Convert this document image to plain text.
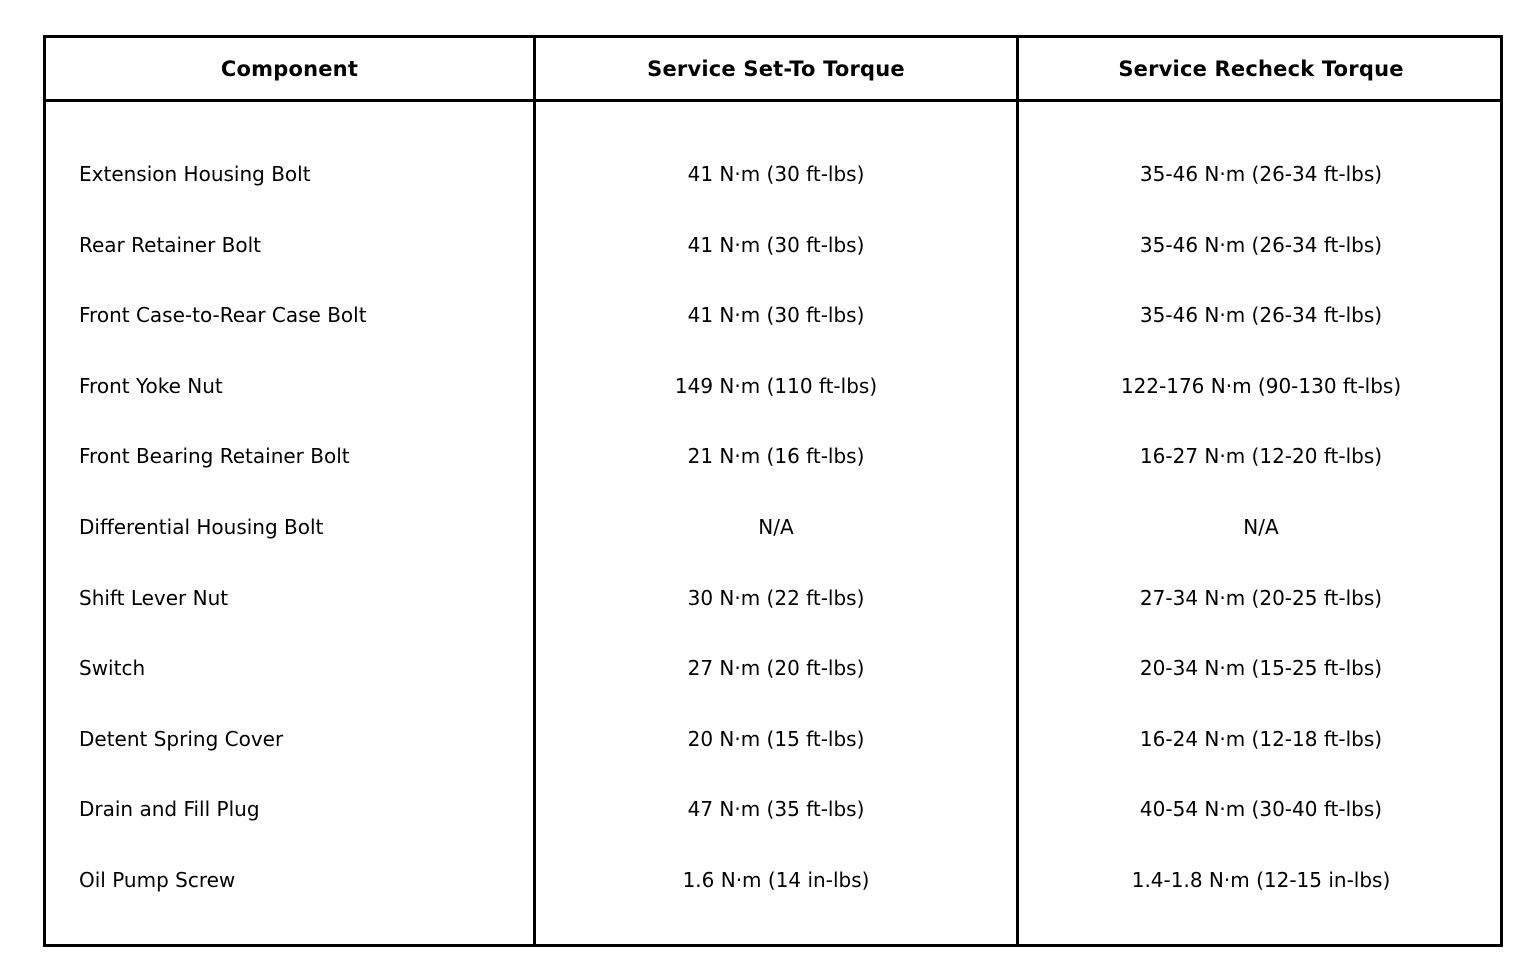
Component	Service Set-To Torque	Service Recheck Torque
Extension Housing Bolt	41 N·m (30 ft-lbs)	35-46 N·m (26-34 ft-lbs)
Rear Retainer Bolt	41 N·m (30 ft-lbs)	35-46 N·m (26-34 ft-lbs)
Front Case-to-Rear Case Bolt	41 N·m (30 ft-lbs)	35-46 N·m (26-34 ft-lbs)
Front Yoke Nut	149 N·m (110 ft-lbs)	122-176 N·m (90-130 ft-lbs)
Front Bearing Retainer Bolt	21 N·m (16 ft-lbs)	16-27 N·m (12-20 ft-lbs)
Differential Housing Bolt	N/A	N/A
Shift Lever Nut	30 N·m (22 ft-lbs)	27-34 N·m (20-25 ft-lbs)
Switch	27 N·m (20 ft-lbs)	20-34 N·m (15-25 ft-lbs)
Detent Spring Cover	20 N·m (15 ft-lbs)	16-24 N·m (12-18 ft-lbs)
Drain and Fill Plug	47 N·m (35 ft-lbs)	40-54 N·m (30-40 ft-lbs)
Oil Pump Screw	1.6 N·m (14 in-lbs)	1.4-1.8 N·m (12-15 in-lbs)
